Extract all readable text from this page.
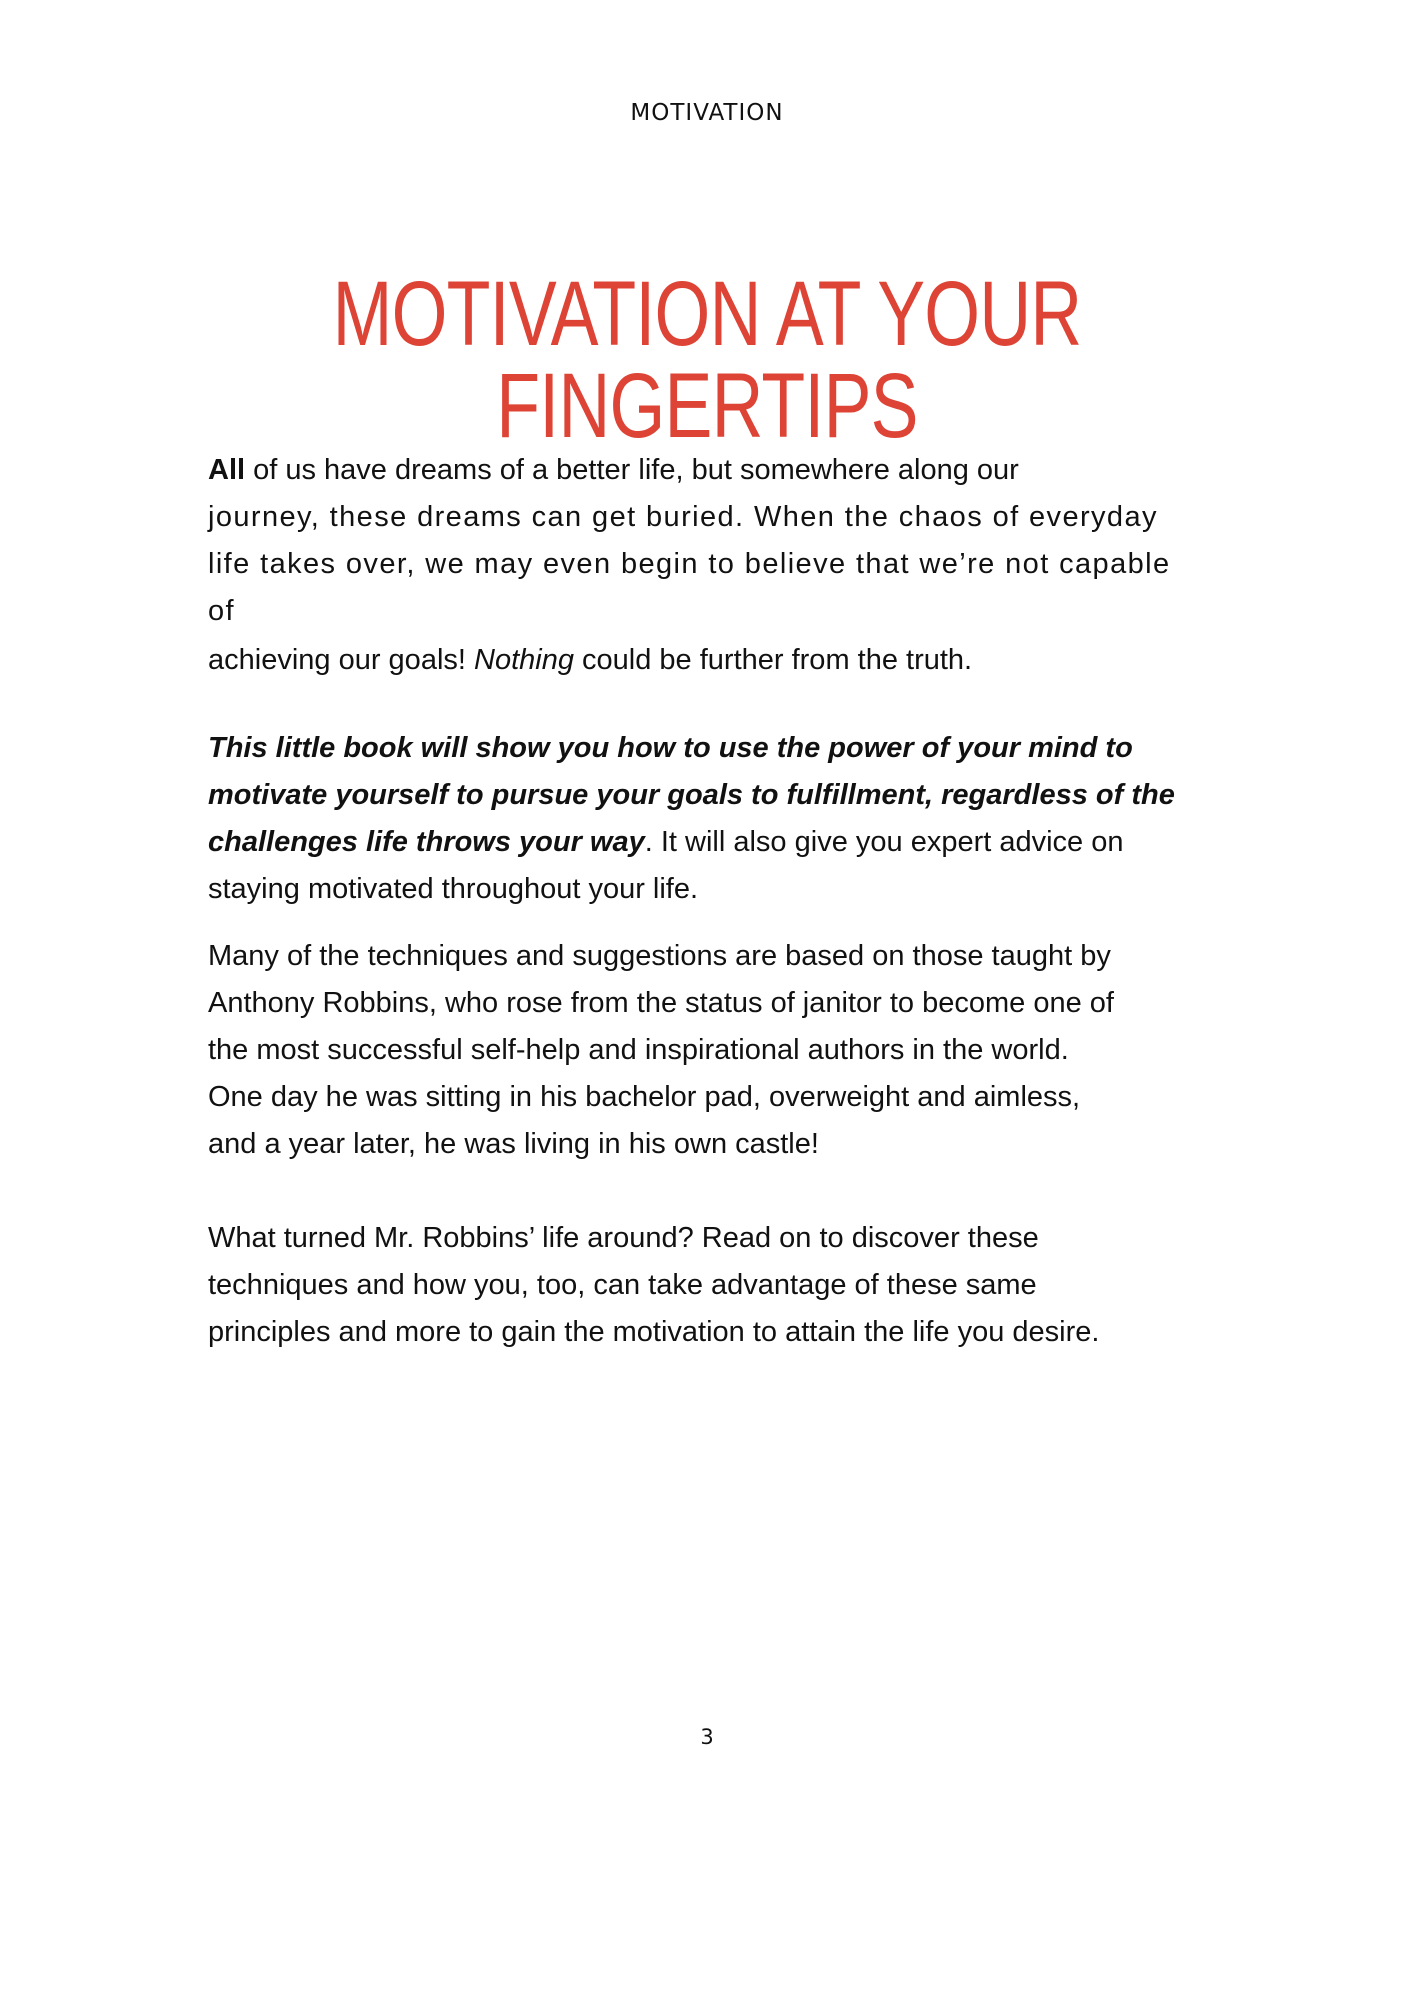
MOTIVATION
MOTIVATION AT YOUR FINGERTIPS
All of us have dreams of a better life, but somewhere along our
journey, these dreams can get buried. When the chaos of everyday
life takes over, we may even begin to believe that we’re not capable
of
achieving our goals! Nothing could be further from the truth.
This little book will show you how to use the power of your mind to
motivate yourself to pursue your goals to fulfillment, regardless of the
challenges life throws your way. It will also give you expert advice on
staying motivated throughout your life.
Many of the techniques and suggestions are based on those taught by
Anthony Robbins, who rose from the status of janitor to become one of
the most successful self-help and inspirational authors in the world.
One day he was sitting in his bachelor pad, overweight and aimless,
and a year later, he was living in his own castle!
What turned Mr. Robbins’ life around? Read on to discover these
techniques and how you, too, can take advantage of these same
principles and more to gain the motivation to attain the life you desire.
3
